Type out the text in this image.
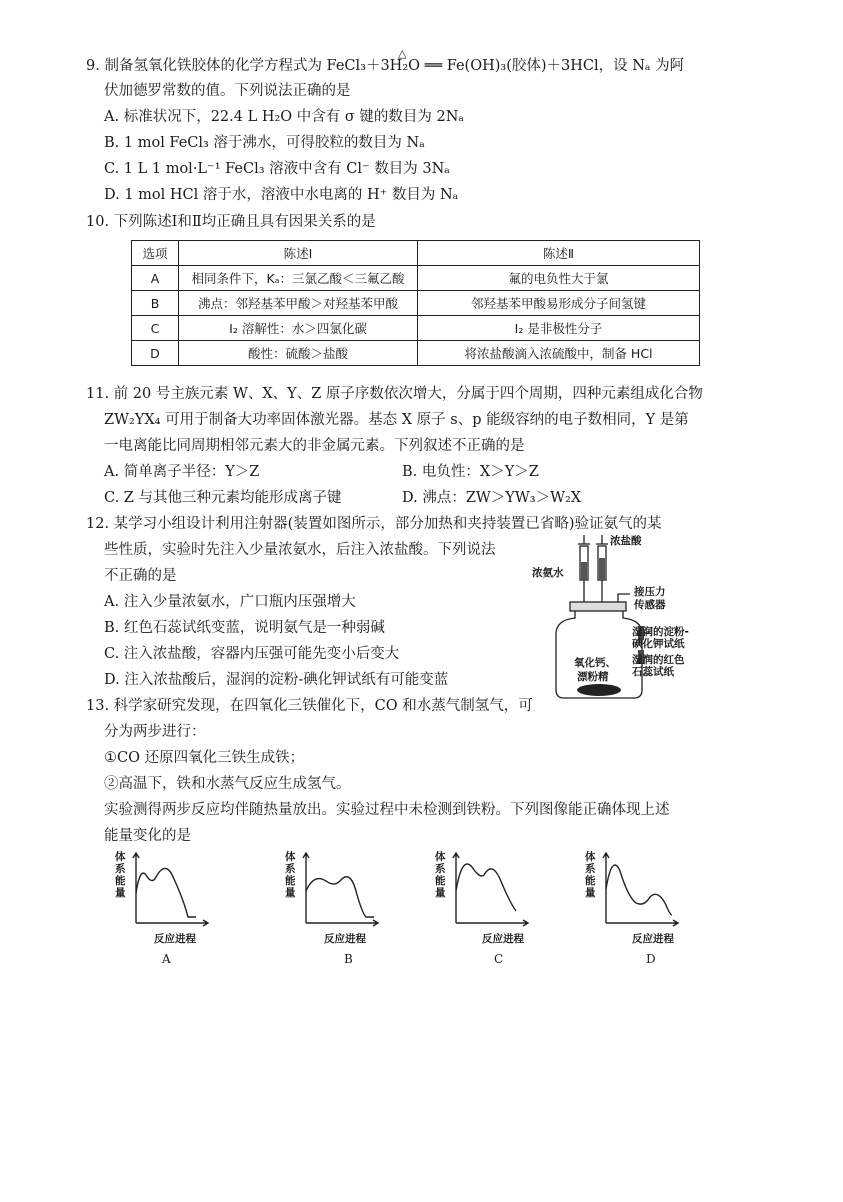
9. 制备氢氧化铁胶体的化学方程式为 FeCl₃＋3H₂O ══ Fe(OH)₃(胶体)＋3HCl，设 Nₐ 为阿
△
伏加德罗常数的值。下列说法正确的是
A. 标准状况下，22.4 L H₂O 中含有 σ 键的数目为 2Nₐ
B. 1 mol FeCl₃ 溶于沸水，可得胶粒的数目为 Nₐ
C. 1 L 1 mol·L⁻¹ FeCl₃ 溶液中含有 Cl⁻ 数目为 3Nₐ
D. 1 mol HCl 溶于水，溶液中水电离的 H⁺ 数目为 Nₐ
10. 下列陈述Ⅰ和Ⅱ均正确且具有因果关系的是
选项	陈述Ⅰ	陈述Ⅱ
A	相同条件下，Kₐ：三氯乙酸＜三氟乙酸	氟的电负性大于氯
B	沸点：邻羟基苯甲酸＞对羟基苯甲酸	邻羟基苯甲酸易形成分子间氢键
C	I₂ 溶解性：水＞四氯化碳	I₂ 是非极性分子
D	酸性：硫酸＞盐酸	将浓盐酸滴入浓硫酸中，制备 HCl
11. 前 20 号主族元素 W、X、Y、Z 原子序数依次增大，分属于四个周期，四种元素组成化合物
ZW₂YX₄ 可用于制备大功率固体激光器。基态 X 原子 s、p 能级容纳的电子数相同，Y 是第
一电离能比同周期相邻元素大的非金属元素。下列叙述不正确的是
A. 简单离子半径：Y＞Z	B. 电负性：X＞Y＞Z
C. Z 与其他三种元素均能形成离子键	D. 沸点：ZW＞YW₃＞W₂X
12. 某学习小组设计利用注射器(装置如图所示，部分加热和夹持装置已省略)验证氨气的某
些性质，实验时先注入少量浓氨水，后注入浓盐酸。下列说法
不正确的是
A. 注入少量浓氨水，广口瓶内压强增大
B. 红色石蕊试纸变蓝，说明氨气是一种弱碱
C. 注入浓盐酸，容器内压强可能先变小后变大
D. 注入浓盐酸后，湿润的淀粉-碘化钾试纸有可能变蓝
浓氨水
浓盐酸
接压力
传感器
湿润的淀粉-
碘化钾试纸
湿润的红色
石蕊试纸
氧化钙、
漂粉精
13. 科学家研究发现，在四氧化三铁催化下，CO 和水蒸气制氢气，可
分为两步进行：
①CO 还原四氧化三铁生成铁；
②高温下，铁和水蒸气反应生成氢气。
实验测得两步反应均伴随热量放出。实验过程中未检测到铁粉。下列图像能正确体现上述
能量变化的是
体
系
能
量
反应进程
A
体
系
能
量
反应进程
B
体
系
能
量
反应进程
C
体
系
能
量
反应进程
D
